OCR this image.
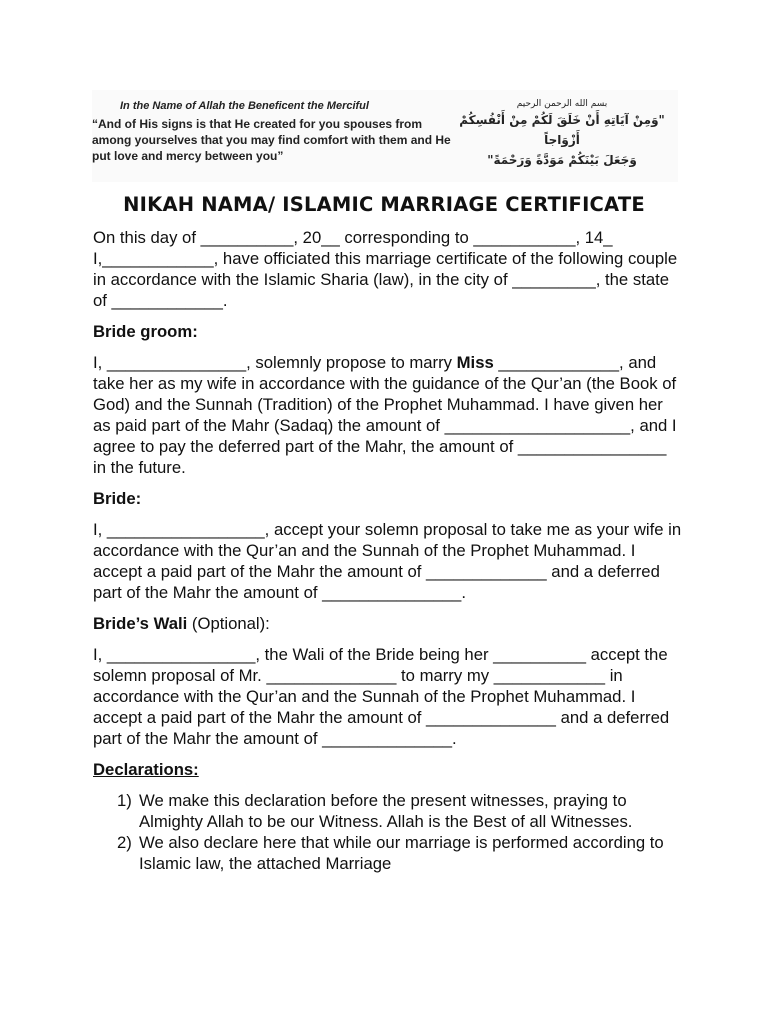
In the Name of Allah the Beneficent the Merciful
“And of His signs is that He created for you spouses from among yourselves that you may find comfort with them and He put love and mercy between you”
بسم الله الرحمن الرحيم
"وَمِنْ آيَاتِهِ أَنْ خَلَقَ لَكُمْ مِنْ أَنْفُسِكُمْ أَزْوَاجاً
وَجَعَلَ بَيْنَكُمْ مَوَدَّةً وَرَحْمَةً"
NIKAH NAMA/ ISLAMIC MARRIAGE CERTIFICATE

On this day of __________, 20__ corresponding to ___________, 14_ I,____________, have officiated this marriage certificate of the following couple in accordance with the Islamic Sharia (law), in the city of _________, the state of ____________.

Bride groom:

I, _______________, solemnly propose to marry Miss _____________, and take her as my wife in accordance with the guidance of the Qur’an (the Book of God) and the Sunnah (Tradition) of the Prophet Muhammad. I have given her as paid part of the Mahr (Sadaq) the amount of ____________________, and I agree to pay the deferred part of the Mahr, the amount of ________________ in the future.

Bride:

I, _________________, accept your solemn proposal to take me as your wife in accordance with the Qur’an and the Sunnah of the Prophet Muhammad. I accept a paid part of the Mahr the amount of _____________ and a deferred part of the Mahr the amount of _______________.

Bride’s Wali (Optional):

I, ________________, the Wali of the Bride being her __________ accept the solemn proposal of Mr. ______________ to marry my ____________ in accordance with the Qur’an and the Sunnah of the Prophet Muhammad. I accept a paid part of the Mahr the amount of ______________ and a deferred part of the Mahr the amount of ______________.

Declarations:

1) We make this declaration before the present witnesses, praying to Almighty Allah to be our Witness. Allah is the Best of all Witnesses.
2) We also declare here that while our marriage is performed according to Islamic law, the attached Marriage
